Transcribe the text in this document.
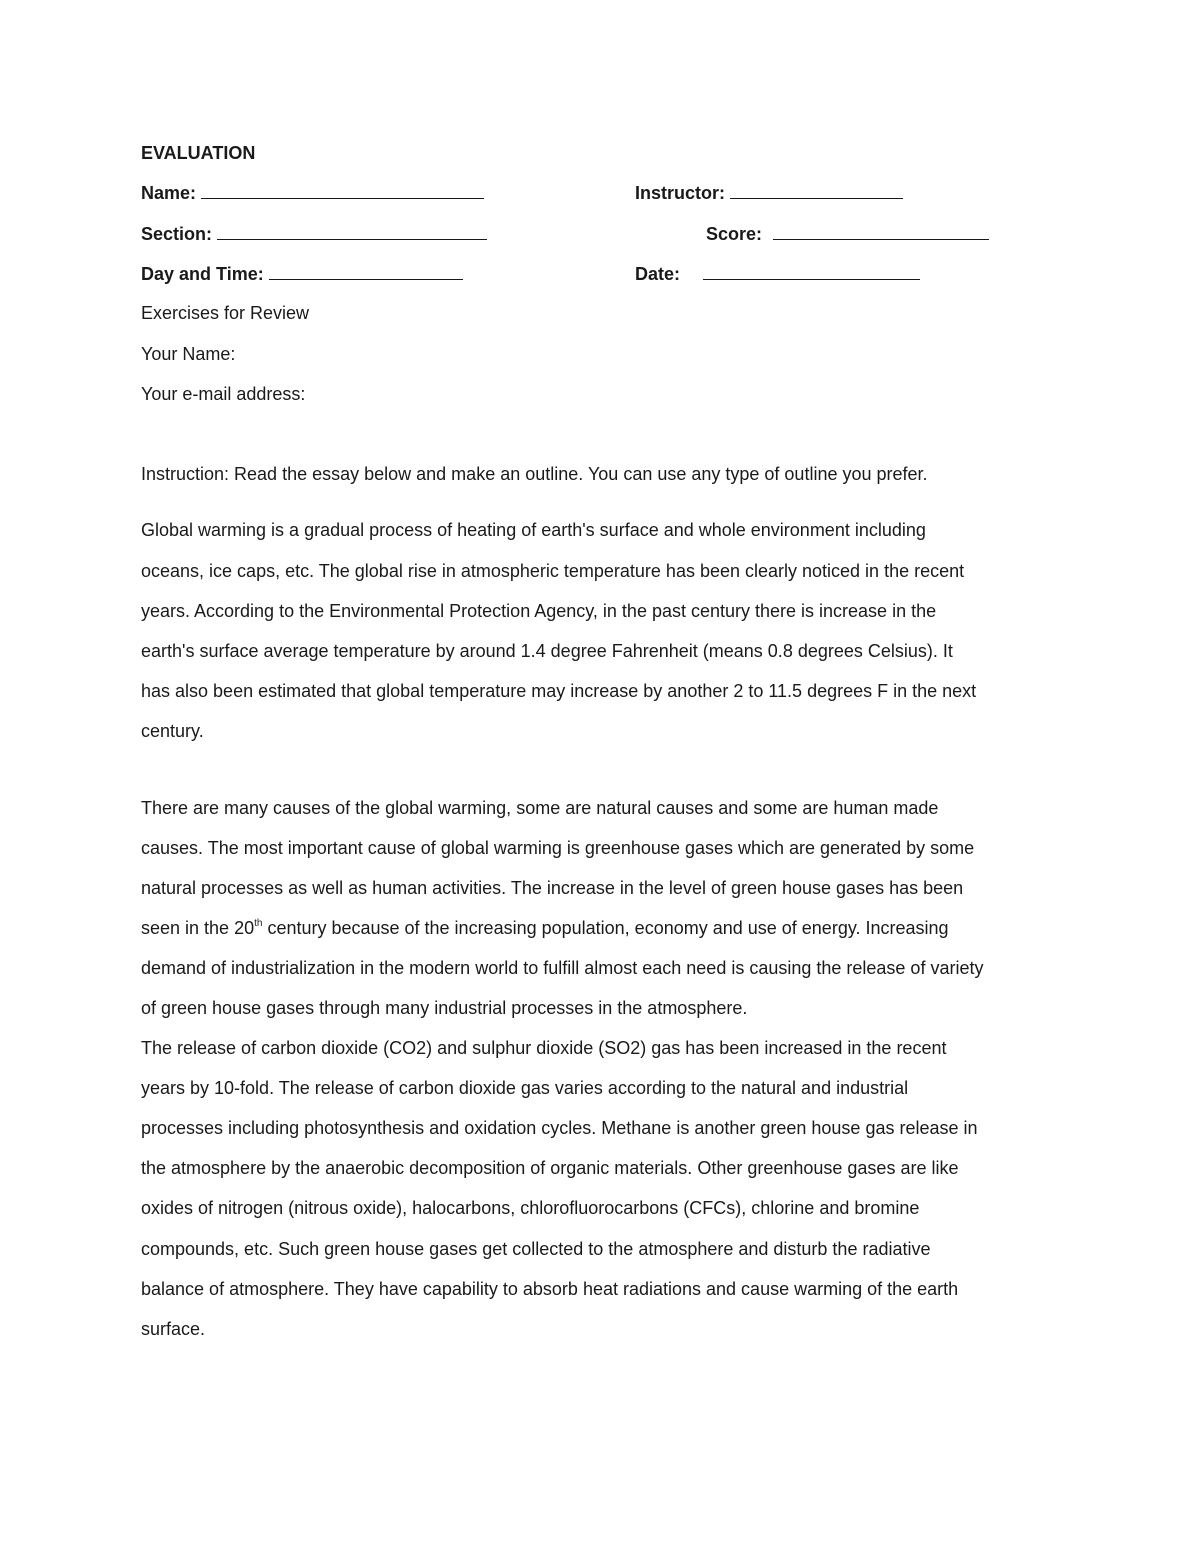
EVALUATION
Name:	Instructor:
Section:	Score:
Day and Time:	Date:
Exercises for Review
Your Name:
Your e-mail address:
Instruction: Read the essay below and make an outline. You can use any type of outline you prefer.
Global warming is a gradual process of heating of earth's surface and whole environment including
oceans, ice caps, etc. The global rise in atmospheric temperature has been clearly noticed in the recent
years. According to the Environmental Protection Agency, in the past century there is increase in the
earth's surface average temperature by around 1.4 degree Fahrenheit (means 0.8 degrees Celsius). It
has also been estimated that global temperature may increase by another 2 to 11.5 degrees F in the next
century.
There are many causes of the global warming, some are natural causes and some are human made
causes. The most important cause of global warming is greenhouse gases which are generated by some
natural processes as well as human activities. The increase in the level of green house gases has been
seen in the 20th century because of the increasing population, economy and use of energy. Increasing
demand of industrialization in the modern world to fulfill almost each need is causing the release of variety
of green house gases through many industrial processes in the atmosphere.
The release of carbon dioxide (CO2) and sulphur dioxide (SO2) gas has been increased in the recent
years by 10-fold. The release of carbon dioxide gas varies according to the natural and industrial
processes including photosynthesis and oxidation cycles. Methane is another green house gas release in
the atmosphere by the anaerobic decomposition of organic materials. Other greenhouse gases are like
oxides of nitrogen (nitrous oxide), halocarbons, chlorofluorocarbons (CFCs), chlorine and bromine
compounds, etc. Such green house gases get collected to the atmosphere and disturb the radiative
balance of atmosphere. They have capability to absorb heat radiations and cause warming of the earth
surface.
